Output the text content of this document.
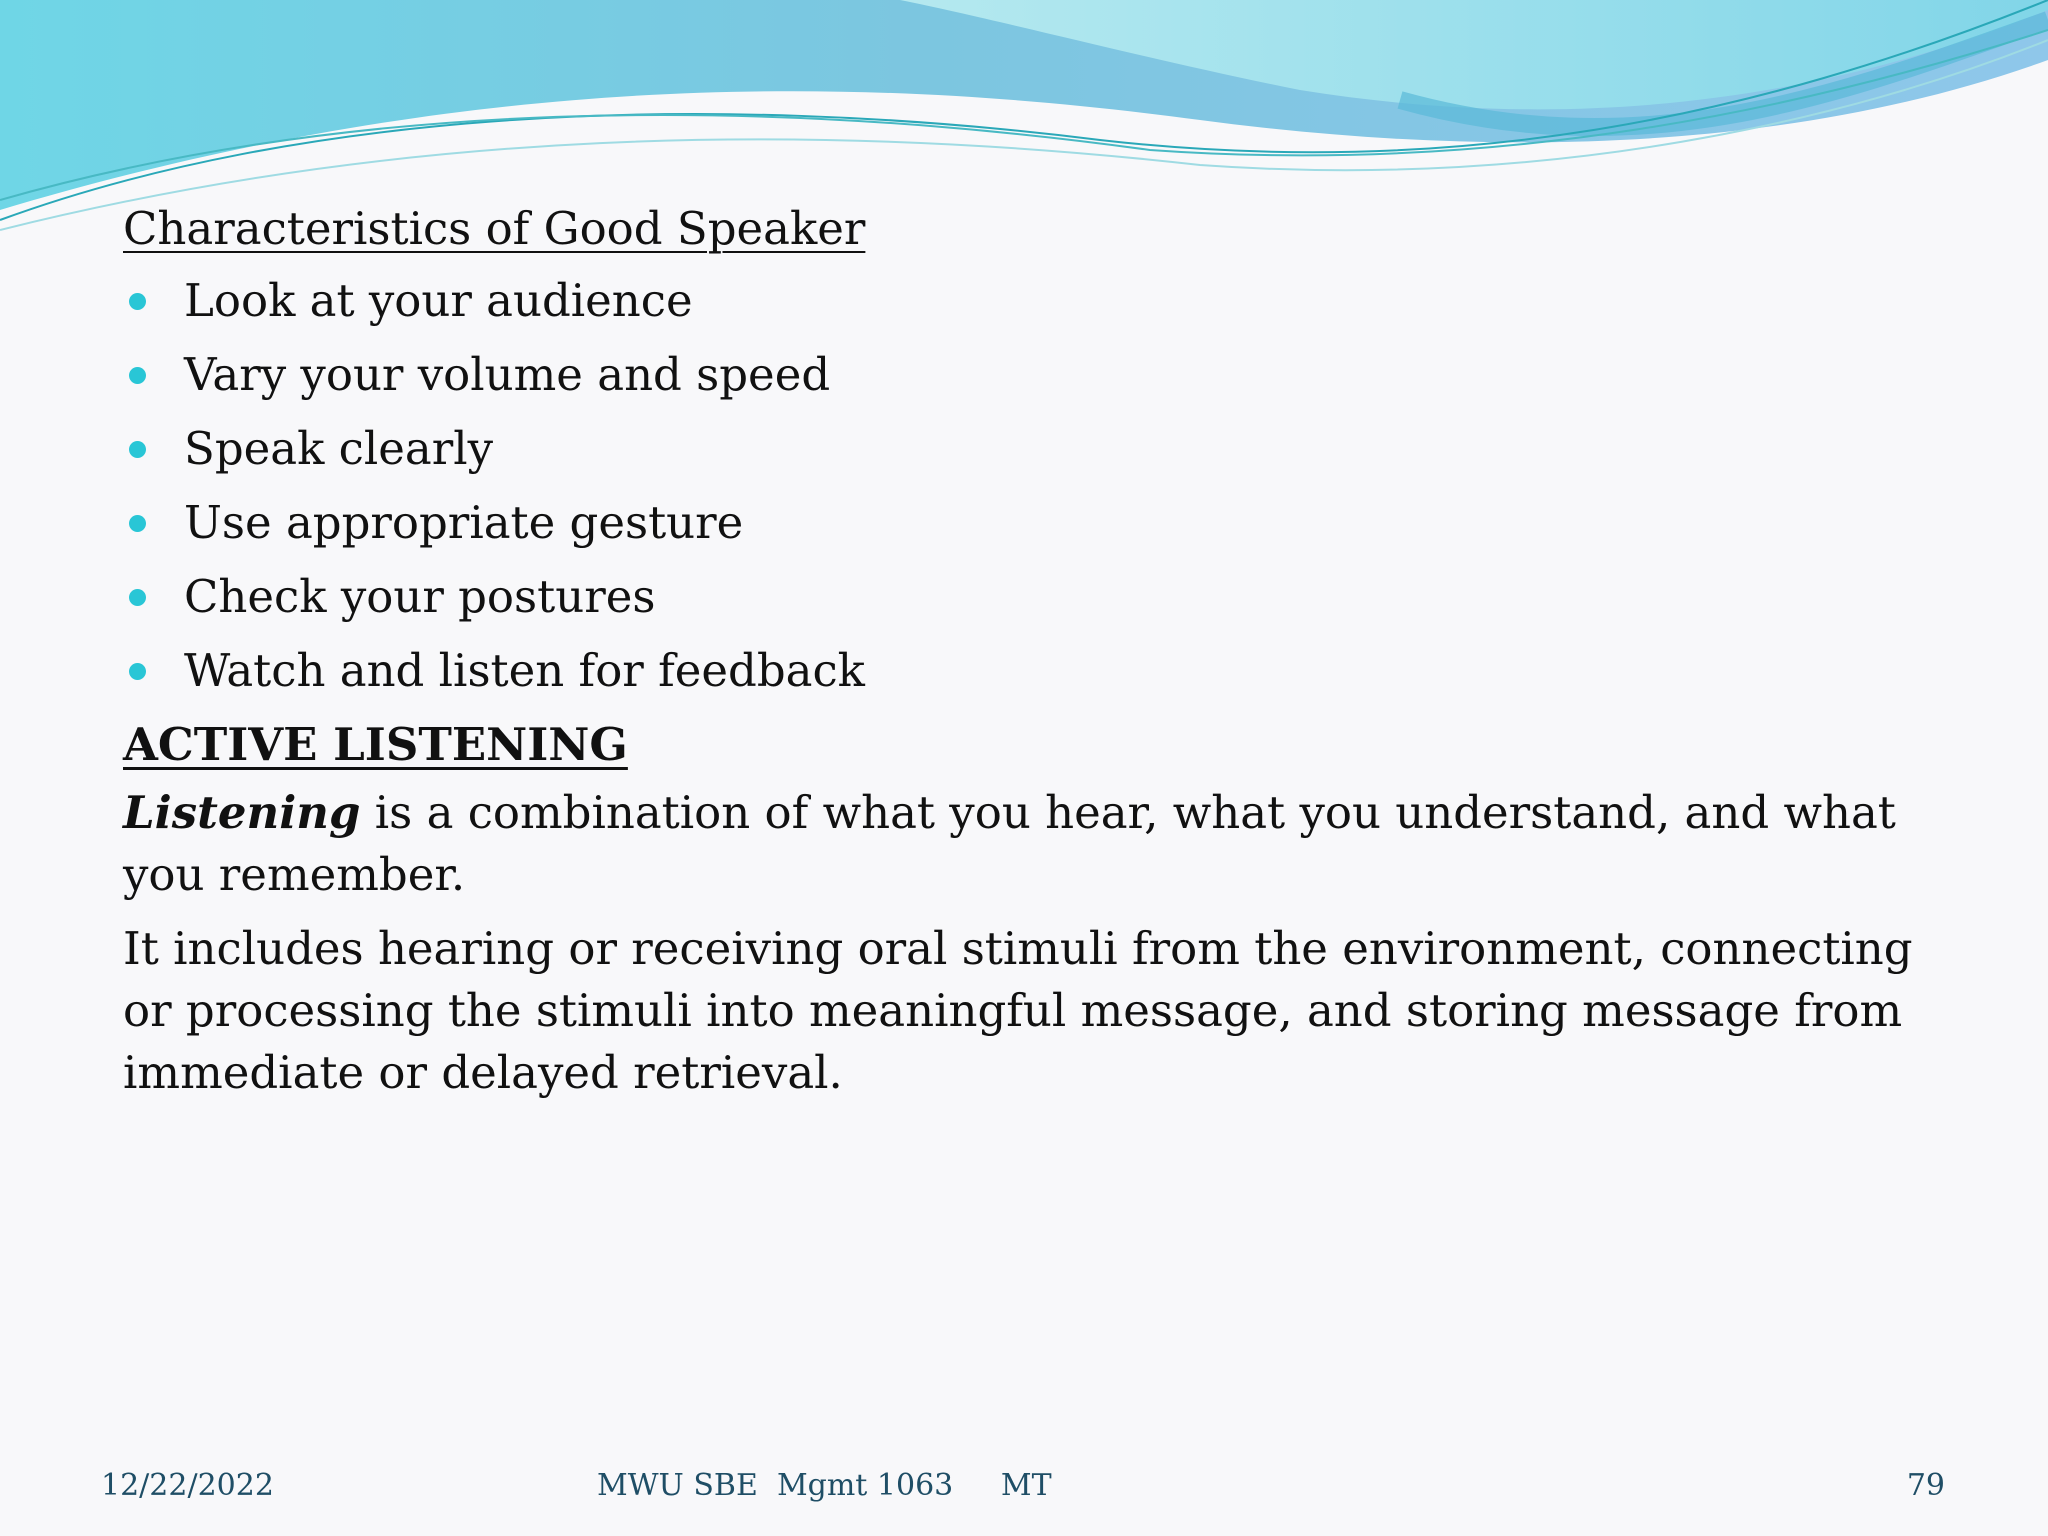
Characteristics of Good Speaker
Look at your audience
Vary your volume and speed
Speak clearly
Use appropriate gesture
Check your postures
Watch and listen for feedback
ACTIVE LISTENING

Listening is a combination of what you hear, what you understand, and what you remember.

It includes hearing or receiving oral stimuli from the environment, connecting or processing the stimuli into meaningful message, and storing message from immediate or delayed retrieval.

12/22/2022	MWU SBE  Mgmt 1063     MT	79
